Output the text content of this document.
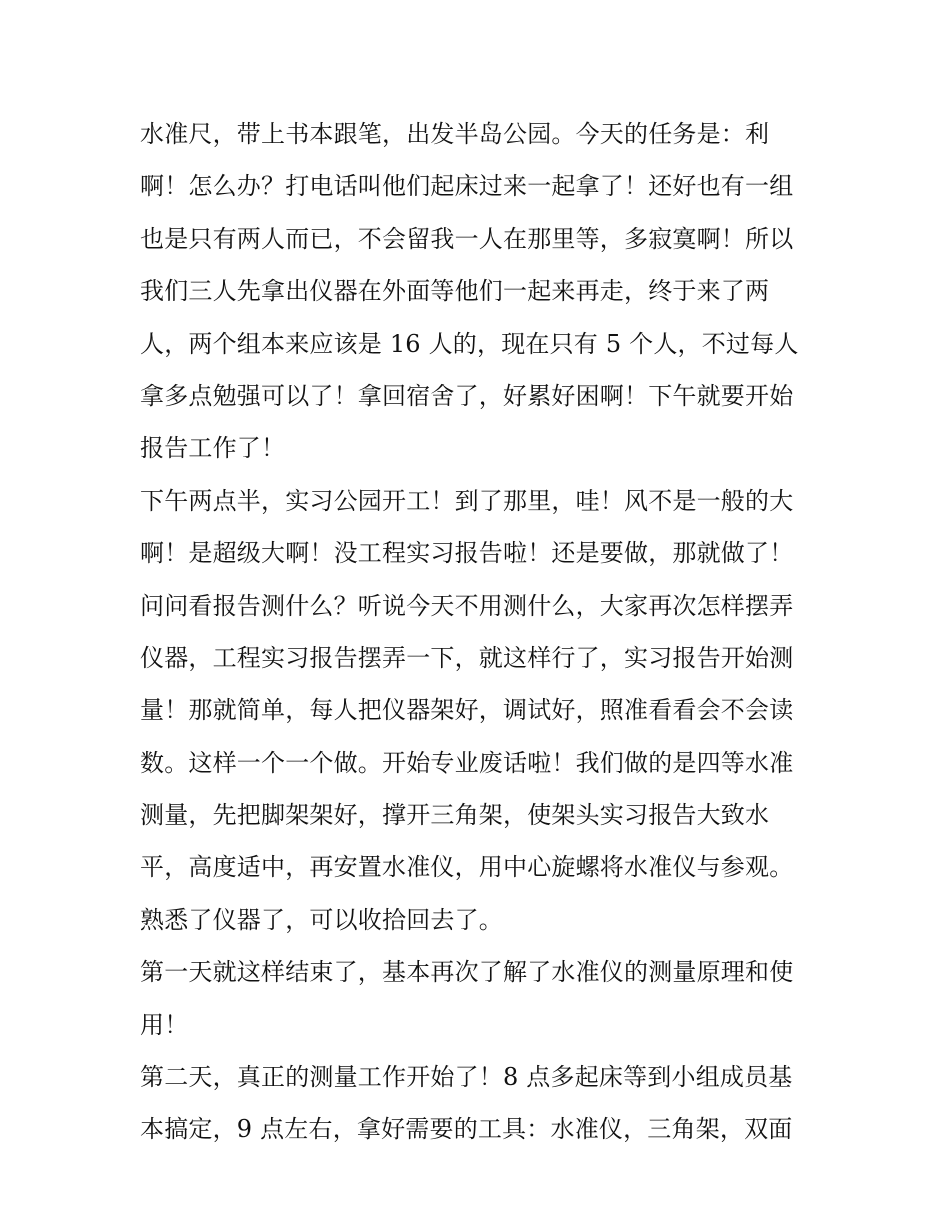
水准尺，带上书本跟笔，出发半岛公园。今天的任务是：利
啊！怎么办？打电话叫他们起床过来一起拿了！还好也有一组
也是只有两人而已，不会留我一人在那里等，多寂寞啊！所以
我们三人先拿出仪器在外面等他们一起来再走，终于来了两
人，两个组本来应该是 16 人的，现在只有 5 个人，不过每人
拿多点勉强可以了！拿回宿舍了，好累好困啊！下午就要开始
报告工作了！
下午两点半，实习公园开工！到了那里，哇！风不是一般的大
啊！是超级大啊！没工程实习报告啦！还是要做，那就做了！
问问看报告测什么？听说今天不用测什么，大家再次怎样摆弄
仪器，工程实习报告摆弄一下，就这样行了，实习报告开始测
量！那就简单，每人把仪器架好，调试好，照准看看会不会读
数。这样一个一个做。开始专业废话啦！我们做的是四等水准
测量，先把脚架架好，撑开三角架，使架头实习报告大致水
平，高度适中，再安置水准仪，用中心旋螺将水准仪与参观。
熟悉了仪器了，可以收拾回去了。
第一天就这样结束了，基本再次了解了水准仪的测量原理和使
用！
第二天，真正的测量工作开始了！8 点多起床等到小组成员基
本搞定，9 点左右，拿好需要的工具：水准仪，三角架，双面
